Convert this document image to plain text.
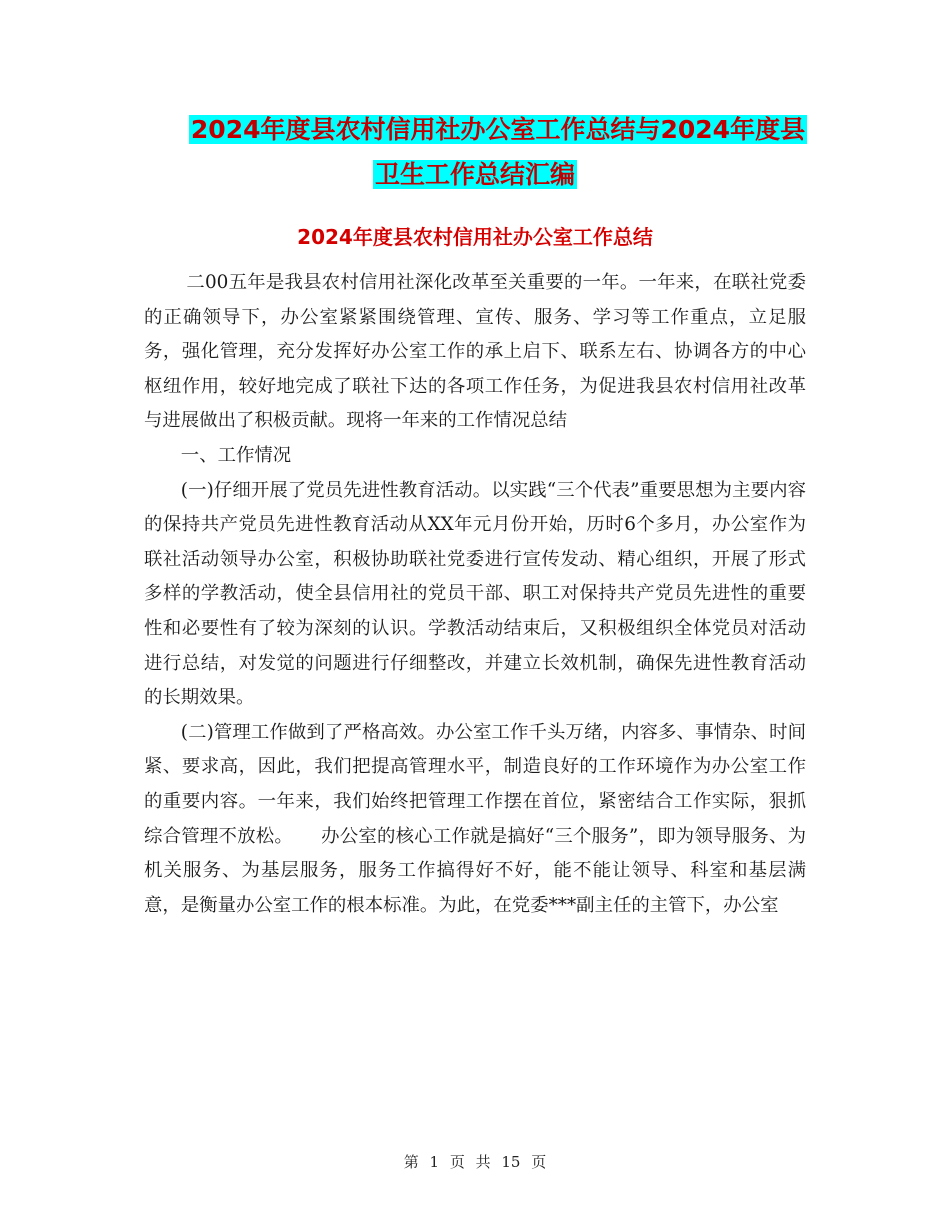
2024年度县农村信用社办公室工作总结与2024年度县
卫生工作总结汇编
2024年度县农村信用社办公室工作总结

二00五年是我县农村信用社深化改革至关重要的一年。一年来，在联社党委的正确领导下，办公室紧紧围绕管理、宣传、服务、学习等工作重点，立足服务，强化管理，充分发挥好办公室工作的承上启下、联系左右、协调各方的中心枢纽作用，较好地完成了联社下达的各项工作任务，为促进我县农村信用社改革与进展做出了积极贡献。现将一年来的工作情况总结

一、工作情况

(一)仔细开展了党员先进性教育活动。以实践“三个代表”重要思想为主要内容的保持共产党员先进性教育活动从XX年元月份开始，历时6个多月，办公室作为联社活动领导办公室，积极协助联社党委进行宣传发动、精心组织，开展了形式多样的学教活动，使全县信用社的党员干部、职工对保持共产党员先进性的重要性和必要性有了较为深刻的认识。学教活动结束后，又积极组织全体党员对活动进行总结，对发觉的问题进行仔细整改，并建立长效机制，确保先进性教育活动的长期效果。

(二)管理工作做到了严格高效。办公室工作千头万绪，内容多、事情杂、时间紧、要求高，因此，我们把提高管理水平，制造良好的工作环境作为办公室工作的重要内容。一年来，我们始终把管理工作摆在首位，紧密结合工作实际，狠抓综合管理不放松。　　办公室的核心工作就是搞好“三个服务”，即为领导服务、为机关服务、为基层服务，服务工作搞得好不好，能不能让领导、科室和基层满意，是衡量办公室工作的根本标准。为此，在党委***副主任的主管下，办公室

第 1 页 共 15 页
